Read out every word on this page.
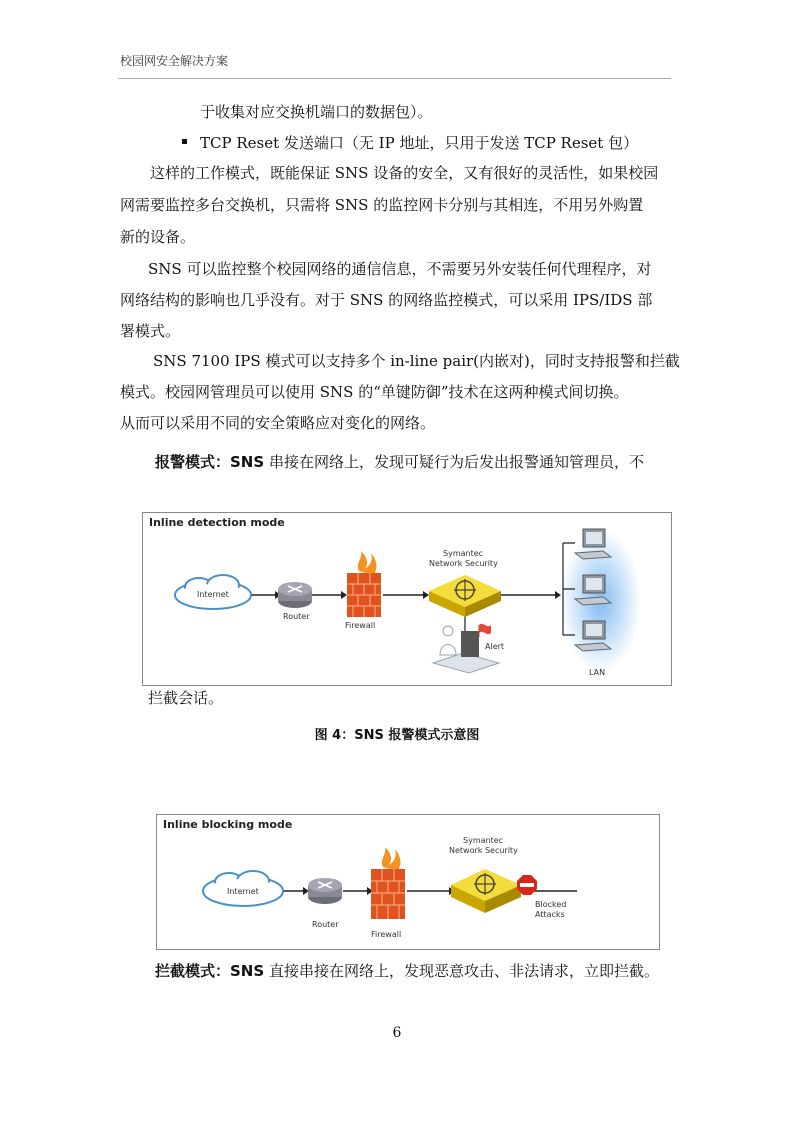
校园网安全解决方案
于收集对应交换机端口的数据包）。
TCP Reset 发送端口（无 IP 地址，只用于发送 TCP Reset 包）
这样的工作模式，既能保证 SNS 设备的安全，又有很好的灵活性，如果校园
网需要监控多台交换机，只需将 SNS 的监控网卡分别与其相连，不用另外购置
新的设备。
SNS 可以监控整个校园网络的通信信息，不需要另外安装任何代理程序，对
网络结构的影响也几乎没有。对于 SNS 的网络监控模式，可以采用 IPS/IDS 部
署模式。
SNS 7100 IPS 模式可以支持多个 in-line pair(内嵌对)，同时支持报警和拦截
模式。校园网管理员可以使用 SNS 的“单键防御”技术在这两种模式间切换。
从而可以采用不同的安全策略应对变化的网络。
报警模式：SNS 串接在网络上，发现可疑行为后发出报警通知管理员，不
Inline detection mode
Internet
Router
Firewall
Symantec
Network Security
Alert
LAN
拦截会话。
图 4：SNS 报警模式示意图
Inline blocking mode
Internet
Router
Firewall
Symantec
Network Security
Blocked
Attacks
拦截模式：SNS 直接串接在网络上，发现恶意攻击、非法请求，立即拦截。
6
